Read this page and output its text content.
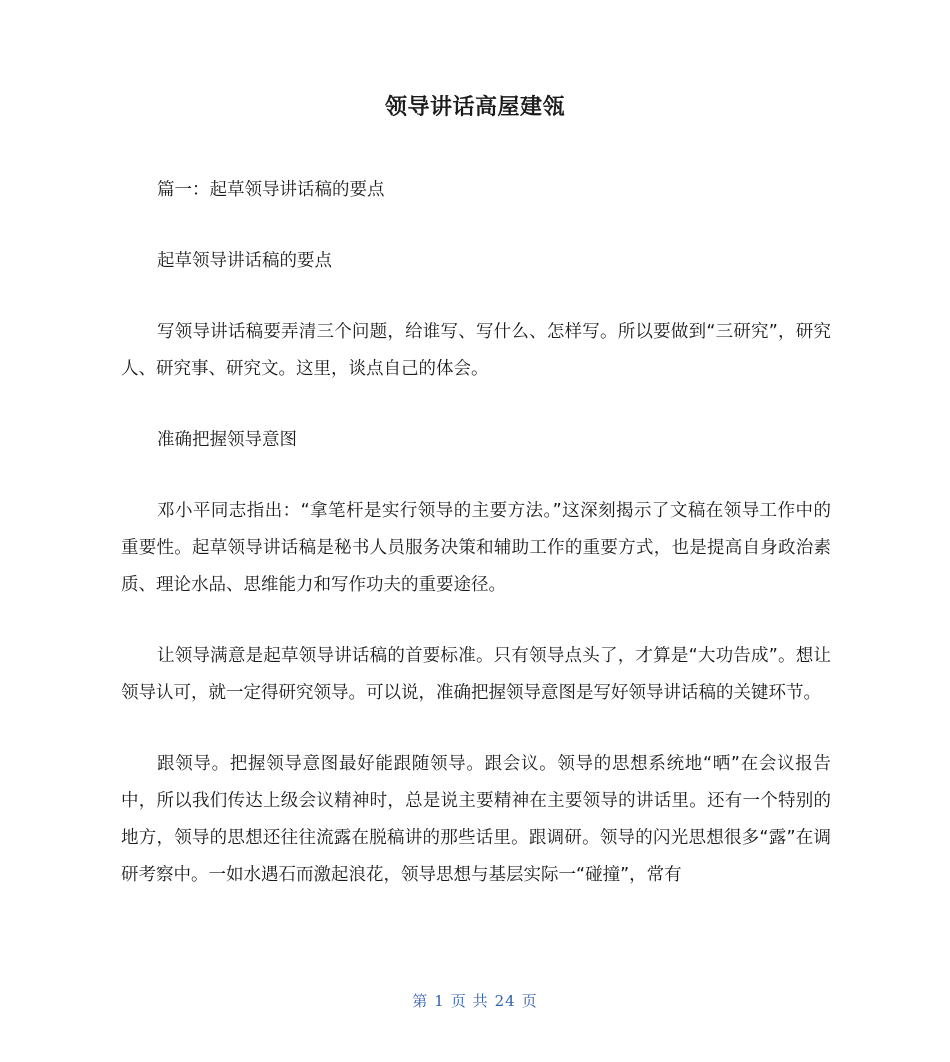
领导讲话高屋建瓴

篇一：起草领导讲话稿的要点

起草领导讲话稿的要点

写领导讲话稿要弄清三个问题，给谁写、写什么、怎样写。所以要做到“三研究”，研究人、研究事、研究文。这里，谈点自己的体会。

准确把握领导意图

邓小平同志指出：“拿笔杆是实行领导的主要方法。”这深刻揭示了文稿在领导工作中的重要性。起草领导讲话稿是秘书人员服务决策和辅助工作的重要方式，也是提高自身政治素质、理论水品、思维能力和写作功夫的重要途径。

让领导满意是起草领导讲话稿的首要标准。只有领导点头了，才算是“大功告成”。想让领导认可，就一定得研究领导。可以说，准确把握领导意图是写好领导讲话稿的关键环节。

跟领导。把握领导意图最好能跟随领导。跟会议。领导的思想系统地“晒”在会议报告中，所以我们传达上级会议精神时，总是说主要精神在主要领导的讲话里。还有一个特别的地方，领导的思想还往往流露在脱稿讲的那些话里。跟调研。领导的闪光思想很多“露”在调研考察中。一如水遇石而激起浪花，领导思想与基层实际一“碰撞”，常有

第 1 页 共 24 页
